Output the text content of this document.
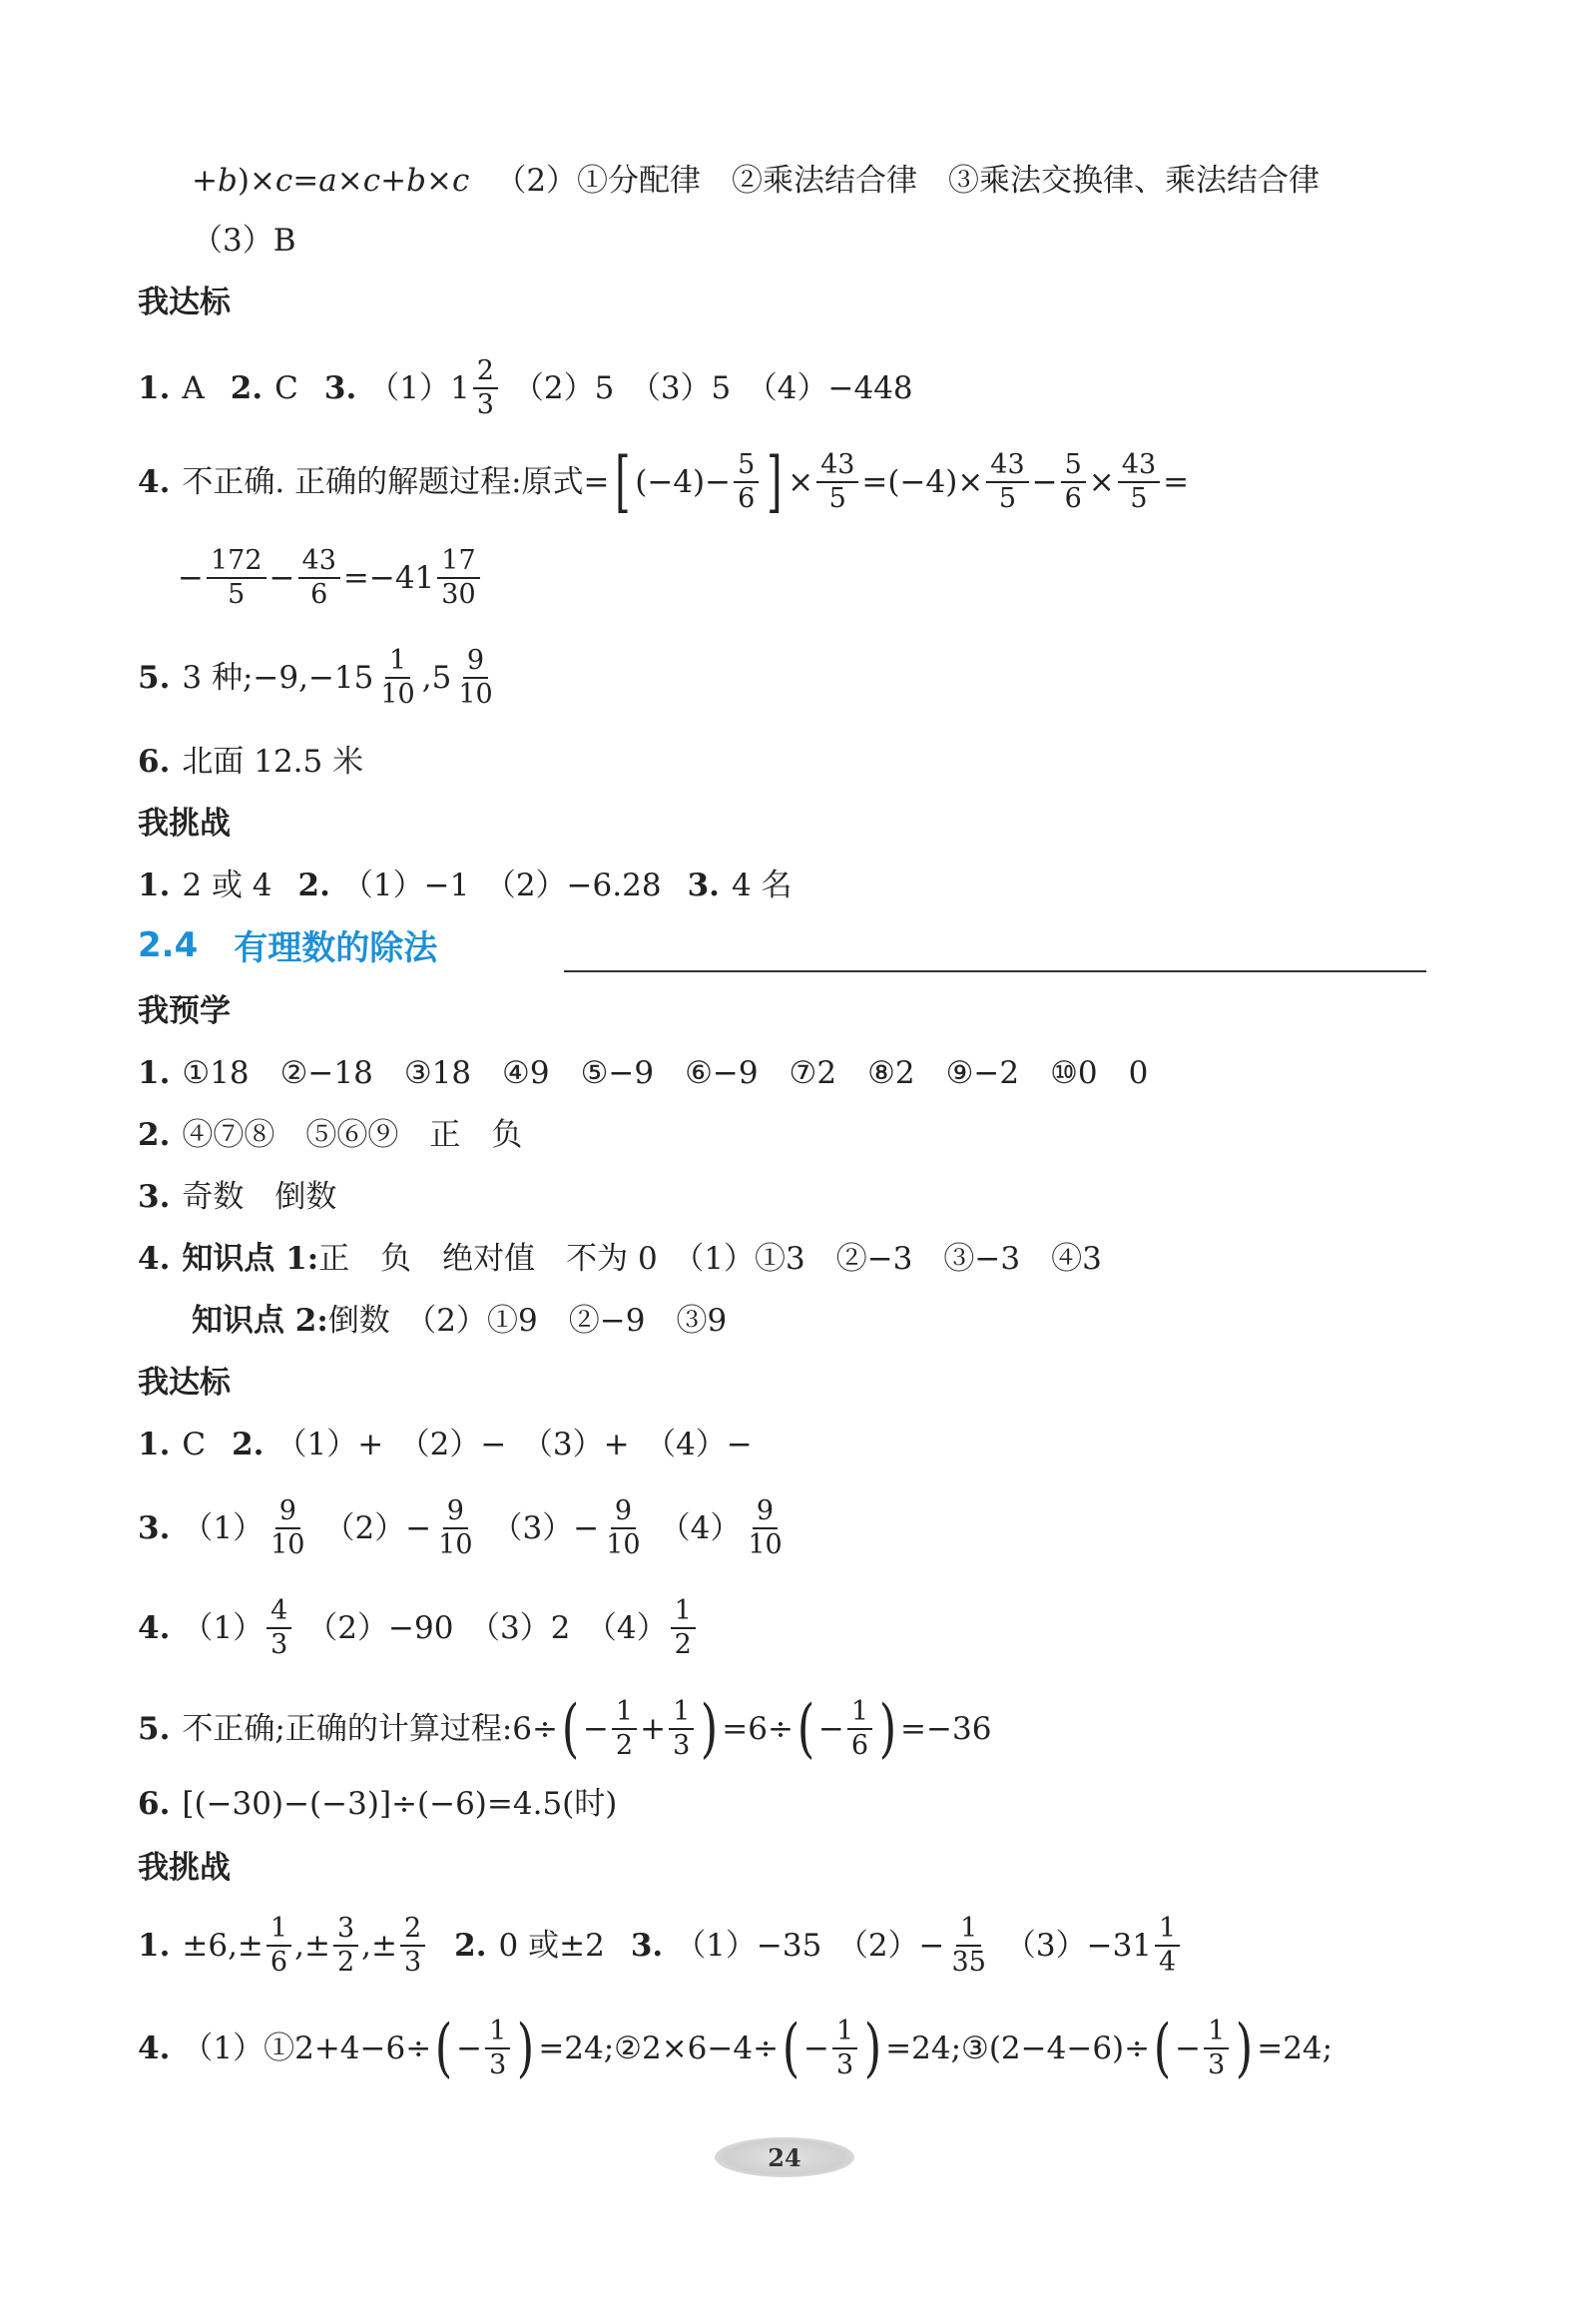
+ b )× c = a × c + b × c （2）①分配律　②乘法结合律　③乘法交换律、乘法结合律
（3）B
我达标
1. A 2. C 3. $(1)1 \frac{2}{3} (2)5$　（3）5　（4）−448
4. 不正确. 正确的解题过程:原式= [ $(-4)- \frac{5}{6}$ ] × $\frac{43}{5} =(-4)\times \frac{43}{5} - \frac{5}{6} \times \frac{43}{5}$ =
− $\frac{172}{5} - \frac{43}{6} =-41 \frac{17}{30}$
5. 3 种;−9,−15 $\frac{1}{10} ,5 \frac{9}{10}$
6. 北面 12.5 米
我挑战
1. 2 或 4 2. （1）−1　（2）−6.28 3. 4 名
2.4 有理数的除法
我预学
1. ①18　②−18　③18　④9　⑤−9　⑥−9　⑦2　⑧2　⑨−2　⑩0　0
2. ④⑦⑧　⑤⑥⑨　正　负
3. 奇数　倒数
4. 知识点 1: 正　负　绝对值　不为 0　（1）①3　②−3　③−3　④3
知识点 2: 倒数　（2）①9　②−9　③9
我达标
1. C 2. （1）+　（2）−　（3）+　（4）−
3. $(1) \frac{9}{10} (2)- \frac{9}{10} (3)- \frac{9}{10} (4) \frac{9}{10}$
4. $(1) \frac{4}{3} (2)-90$　（3）2　$(4) \frac{1}{2}$
5. 不正确;正确的计算过程:6÷ ( − $\frac{1}{2} + \frac{1}{3}$ ) =6÷ ( − $\frac{1}{6}$ ) =−36
6. [(−30)−(−3)]÷(−6)=4.5(时)
我挑战
1. $\pm 6,\pm \frac{1}{6}$ ,± $\frac{3}{2}$ ,± $\frac{2}{3} 2$. 0 或±2 3. （1）−35　$(2)- \frac{1}{35} (3)-31 \frac{1}{4}$
4. （1）①2+4−6÷ ( − $\frac{1}{3}$ ) =24;②2×6−4÷ ( − $\frac{1}{3}$ ) =24;③(2−4−6)÷ ( − $\frac{1}{3}$ ) =24;
24
